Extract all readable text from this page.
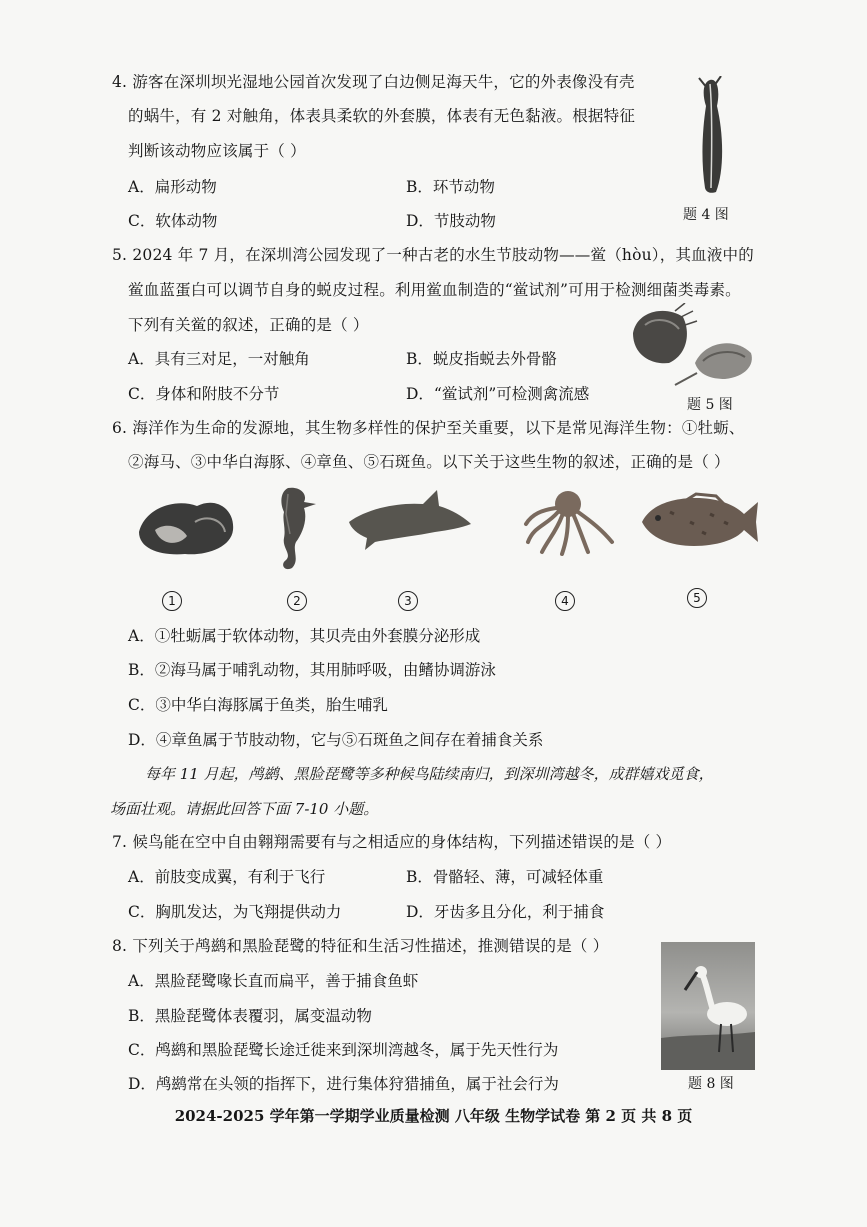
4. 游客在深圳坝光湿地公园首次发现了白边侧足海天牛，它的外表像没有壳
的蜗牛，有 2 对触角，体表具柔软的外套膜，体表有无色黏液。根据特征
判断该动物应该属于（ ）
A．扁形动物	B．环节动物
C．软体动物	D．节肢动物	题 4 图
5. 2024 年 7 月，在深圳湾公园发现了一种古老的水生节肢动物——鲎（hòu），其血液中的
鲎血蓝蛋白可以调节自身的蜕皮过程。利用鲎血制造的“鲎试剂”可用于检测细菌类毒素。
下列有关鲎的叙述，正确的是（ ）
A．具有三对足，一对触角	B．蜕皮指蜕去外骨骼
C．身体和附肢不分节	D．“鲎试剂”可检测禽流感
题 5 图
6. 海洋作为生命的发源地，其生物多样性的保护至关重要，以下是常见海洋生物：①牡蛎、
②海马、③中华白海豚、④章鱼、⑤石斑鱼。以下关于这些生物的叙述，正确的是（ ）
1	2	3	4	5
A．①牡蛎属于软体动物，其贝壳由外套膜分泌形成
B．②海马属于哺乳动物，其用肺呼吸，由鳍协调游泳
C．③中华白海豚属于鱼类，胎生哺乳
D．④章鱼属于节肢动物，它与⑤石斑鱼之间存在着捕食关系
每年 11 月起，鸬鹚、黑脸琵鹭等多种候鸟陆续南归，到深圳湾越冬，成群嬉戏觅食，
场面壮观。请据此回答下面 7-10 小题。
7. 候鸟能在空中自由翱翔需要有与之相适应的身体结构，下列描述错误的是（ ）
A．前肢变成翼，有利于飞行	B．骨骼轻、薄，可减轻体重
C．胸肌发达，为飞翔提供动力	D．牙齿多且分化，利于捕食
8. 下列关于鸬鹚和黑脸琵鹭的特征和生活习性描述，推测错误的是（ ）
A．黑脸琵鹭喙长直而扁平，善于捕食鱼虾
B．黑脸琵鹭体表覆羽，属变温动物
C．鸬鹚和黑脸琵鹭长途迁徙来到深圳湾越冬，属于先天性行为
D．鸬鹚常在头领的指挥下，进行集体狩猎捕鱼，属于社会行为	题 8 图
2024-2025 学年第一学期学业质量检测 八年级 生物学试卷 第 2 页 共 8 页
